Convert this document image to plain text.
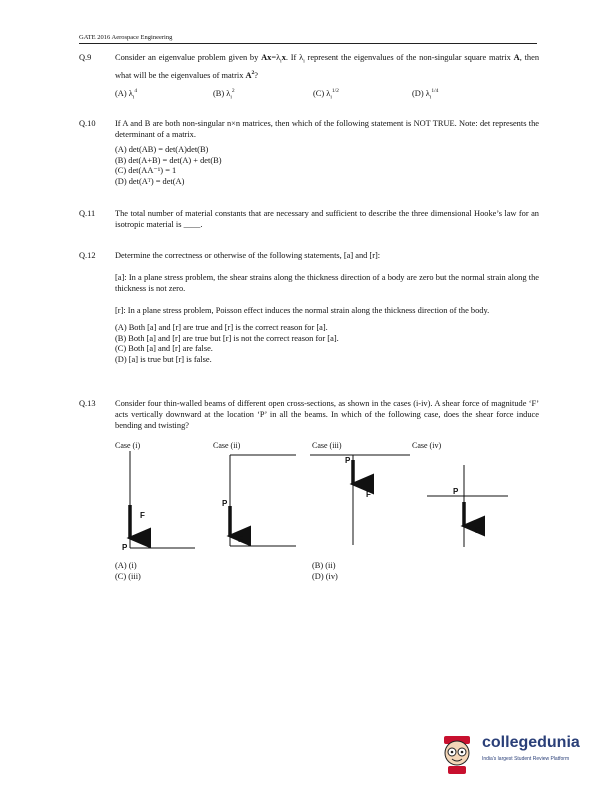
GATE 2016 Aerospace Engineering
Q.9	Consider an eigenvalue problem given by $Ax=\lambda_ix$. If $\lambda_i$ represent the eigenvalues of the non-singular square matrix A, then what will be the eigenvalues of matrix $A^2$?

(A) $\lambda_i^4$	(B) $\lambda_i^2$	(C) $\lambda_i^{1/2}$	(D) $\lambda_i^{1/4}$
Q.10	If A and B are both non-singular n×n matrices, then which of the following statement is NOT TRUE. Note: det represents the determinant of a matrix.

(A) det(AB) = det(A)det(B)
(B) det(A+B) = det(A) + det(B)
(C) det(AA⁻¹) = 1
(D) det(Aᵀ) = det(A)
Q.11	The total number of material constants that are necessary and sufficient to describe the three dimensional Hooke’s law for an isotropic material is ____.

Q.12	Determine the correctness or otherwise of the following statements, [a] and [r]:

[a]: In a plane stress problem, the shear strains along the thickness direction of a body are zero but the normal strain along the thickness is not zero.

[r]: In a plane stress problem, Poisson effect induces the normal strain along the thickness direction of the body.

(A) Both [a] and [r] are true and [r] is the correct reason for [a].
(B) Both [a] and [r] are true but [r] is not the correct reason for [a].
(C) Both [a] and [r] are false.
(D) [a] is true but [r] is false.
Q.13	Consider four thin-walled beams of different open cross-sections, as shown in the cases (i-iv). A shear force of magnitude ‘F’ acts vertically downward at the location ‘P’ in all the beams. In which of the following case, does the shear force induce bending and twisting?

Case (i)	Case (ii)	Case (iii)	Case (iv)
P
F
P
F
P
F	P
F
(A) (i)	(B) (ii)
(C) (iii)	(D) (iv)
collegedunia
India's largest Student Review Platform
